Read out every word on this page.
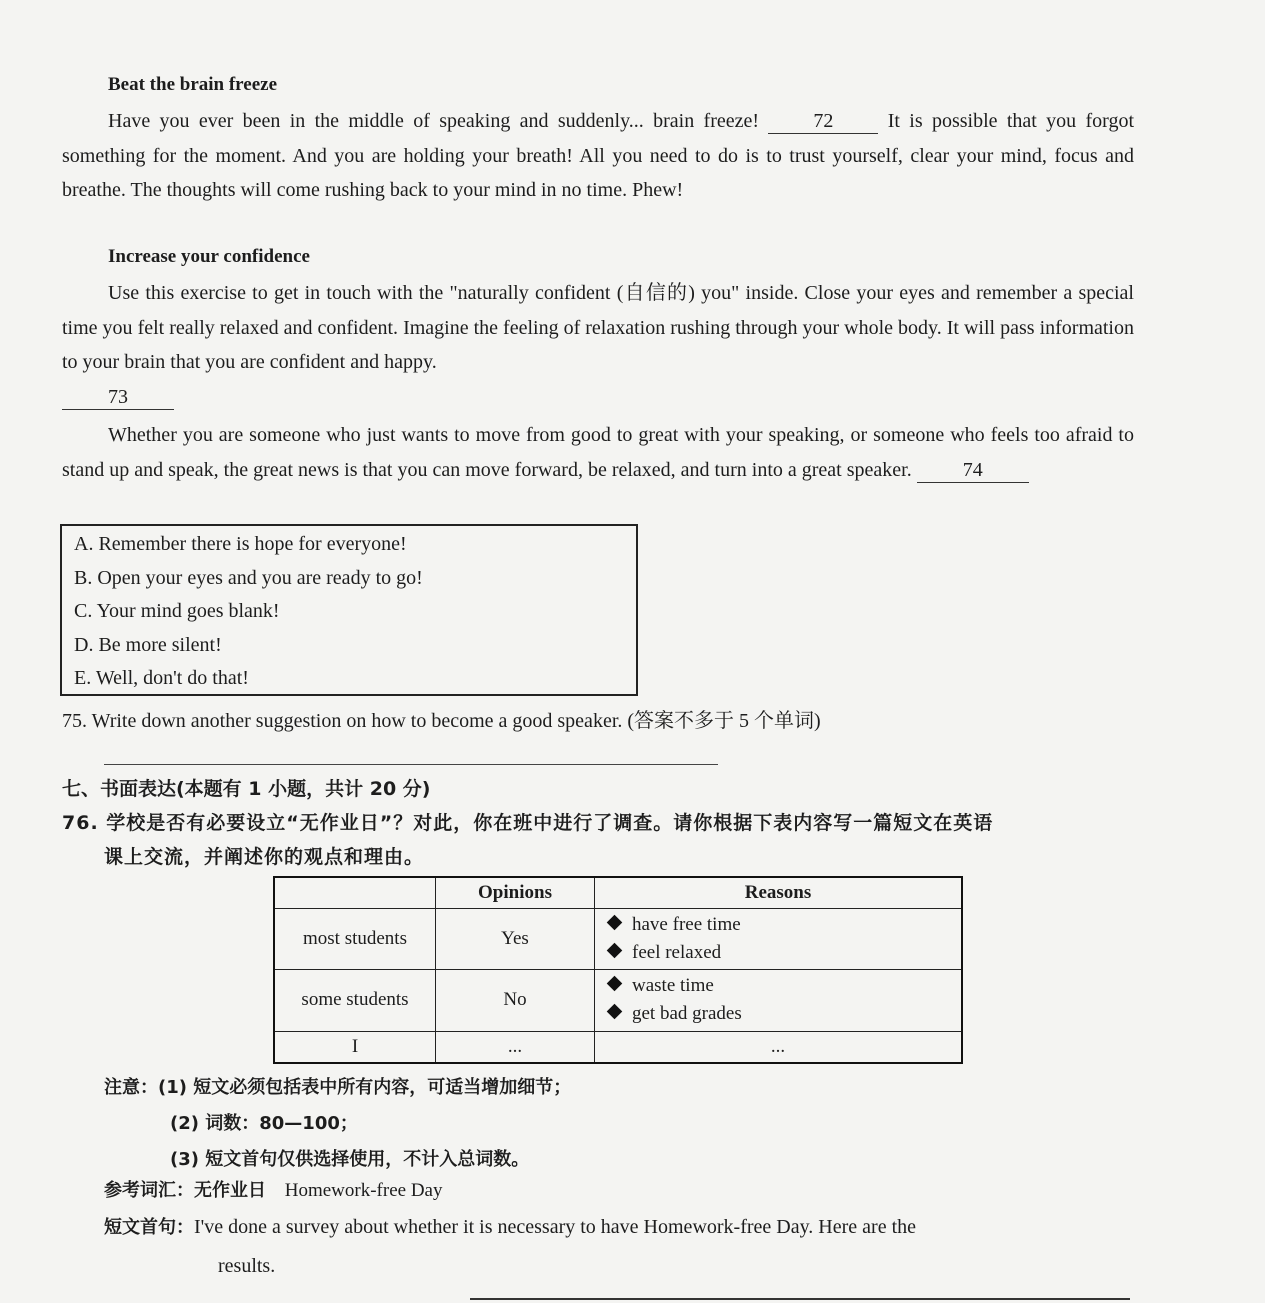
Beat the brain freeze

Have you ever been in the middle of speaking and suddenly... brain freeze!	72	It is possible that you forgot something for the moment. And you are holding your breath! All you need to do is to trust yourself, clear your mind, focus and breathe. The thoughts will come rushing back to your mind in no time. Phew!

Increase your confidence

Use this exercise to get in touch with the "naturally confident (自信的) you" inside. Close your eyes and remember a special time you felt really relaxed and confident. Imagine the feeling of relaxation rushing through your whole body. It will pass information to your brain that you are confident and happy.
73

Whether you are someone who just wants to move from good to great with your speaking, or someone who feels too afraid to stand up and speak, the great news is that you can move forward, be relaxed, and turn into a great speaker.	74

A. Remember there is hope for everyone!
B. Open your eyes and you are ready to go!
C. Your mind goes blank!
D. Be more silent!
E. Well, don't do that!
75. Write down another suggestion on how to become a good speaker. (答案不多于 5 个单词)
七、书面表达(本题有 1 小题，共计 20 分)
76. 学校是否有必要设立“无作业日”？对此，你在班中进行了调查。请你根据下表内容写一篇短文在英语
课上交流，并阐述你的观点和理由。
	Opinions	Reasons
most students	Yes	have free time
feel relaxed

some students	No	waste time
get bad grades

I	...	...
注意：(1) 短文必须包括表中所有内容，可适当增加细节；
(2) 词数：80—100；
(3) 短文首句仅供选择使用，不计入总词数。
参考词汇：无作业日 Homework-free Day
短文首句：I've done a survey about whether it is necessary to have Homework-free Day. Here are the
results.
